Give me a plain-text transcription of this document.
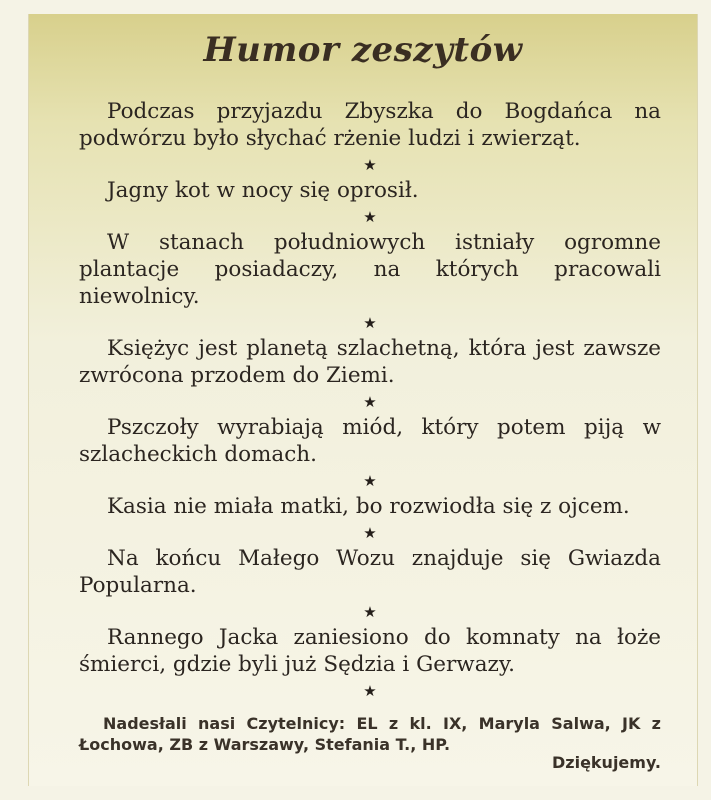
Humor zeszytów

Podczas przyjazdu Zbyszka do Bogdańca na podwórzu było słychać rżenie ludzi i zwierząt.

★

Jagny kot w nocy się oprosił.

★

W stanach południowych istniały ogromne plantacje posiadaczy, na których pracowali niewolnicy.

★

Księżyc jest planetą szlachetną, która jest zawsze zwrócona przodem do Ziemi.

★

Pszczoły wyrabiają miód, który potem piją w szlacheckich domach.

★

Kasia nie miała matki, bo rozwiodła się z ojcem.

★

Na końcu Małego Wozu znajduje się Gwiazda Popularna.

★

Rannego Jacka zaniesiono do komnaty na łoże śmierci, gdzie byli już Sędzia i Gerwazy.

★
Nadesłali nasi Czytelnicy: EL z kl. IX, Maryla Salwa, JK z Łochowa, ZB z Warszawy, Stefania T., HP.
Dziękujemy.
